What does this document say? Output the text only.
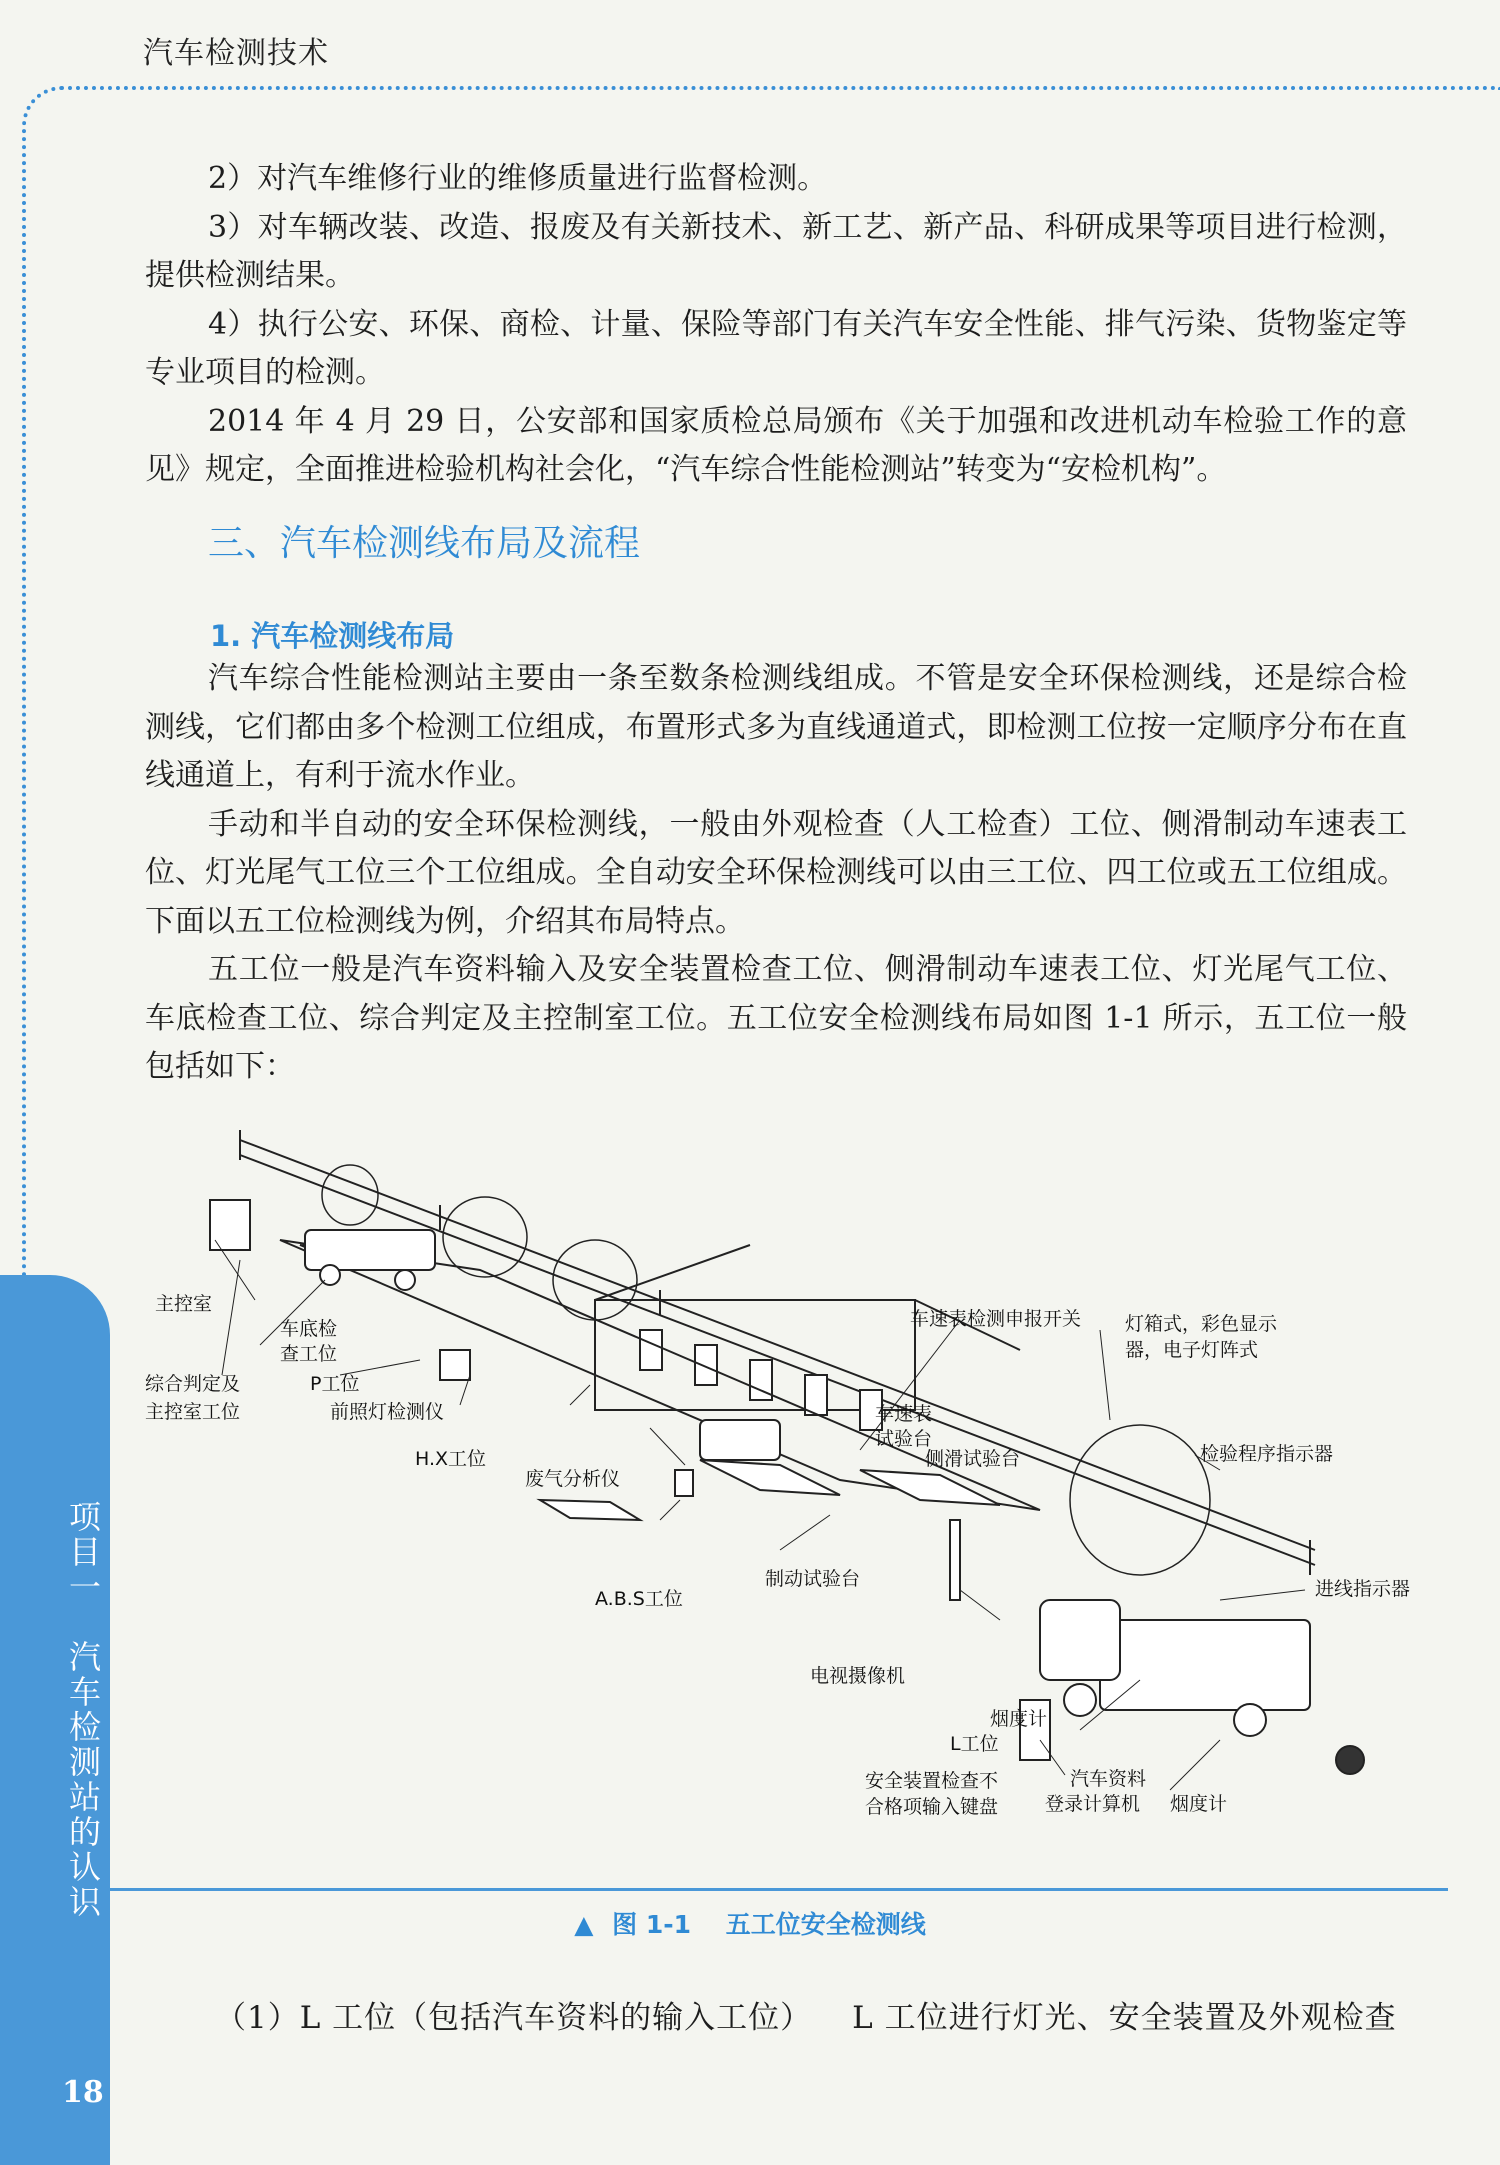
汽车检测技术
项目一　汽车检测站的认识
18

2）对汽车维修行业的维修质量进行监督检测。

3）对车辆改装、改造、报废及有关新技术、新工艺、新产品、科研成果等项目进行检测，提供检测结果。

4）执行公安、环保、商检、计量、保险等部门有关汽车安全性能、排气污染、货物鉴定等专业项目的检测。

2014 年 4 月 29 日，公安部和国家质检总局颁布《关于加强和改进机动车检验工作的意见》规定，全面推进检验机构社会化，“汽车综合性能检测站”转变为“安检机构”。

三、汽车检测线布局及流程
1. 汽车检测线布局

汽车综合性能检测站主要由一条至数条检测线组成。不管是安全环保检测线，还是综合检测线，它们都由多个检测工位组成，布置形式多为直线通道式，即检测工位按一定顺序分布在直线通道上，有利于流水作业。

手动和半自动的安全环保检测线，一般由外观检查（人工检查）工位、侧滑制动车速表工位、灯光尾气工位三个工位组成。全自动安全环保检测线可以由三工位、四工位或五工位组成。下面以五工位检测线为例，介绍其布局特点。

五工位一般是汽车资料输入及安全装置检查工位、侧滑制动车速表工位、灯光尾气工位、车底检查工位、综合判定及主控制室工位。五工位安全检测线布局如图 1-1 所示，五工位一般包括如下：

主控室
车底检
查工位
综合判定及
主控室工位
P工位
前照灯检测仪
H.X工位
废气分析仪
车速表检测申报开关 灯箱式，彩色显示
器，电子灯阵式
车速表
试验台
侧滑试验台	检验程序指示器
A.B.S工位
制动试验台	进线指示器
电视摄像机
烟度计
L工位
安全装置检查不
合格项输入键盘
汽车资料
登录计算机 烟度计
▲ 图 1-1 五工位安全检测线
（1）L 工位（包括汽车资料的输入工位） L 工位进行灯光、安全装置及外观检查
